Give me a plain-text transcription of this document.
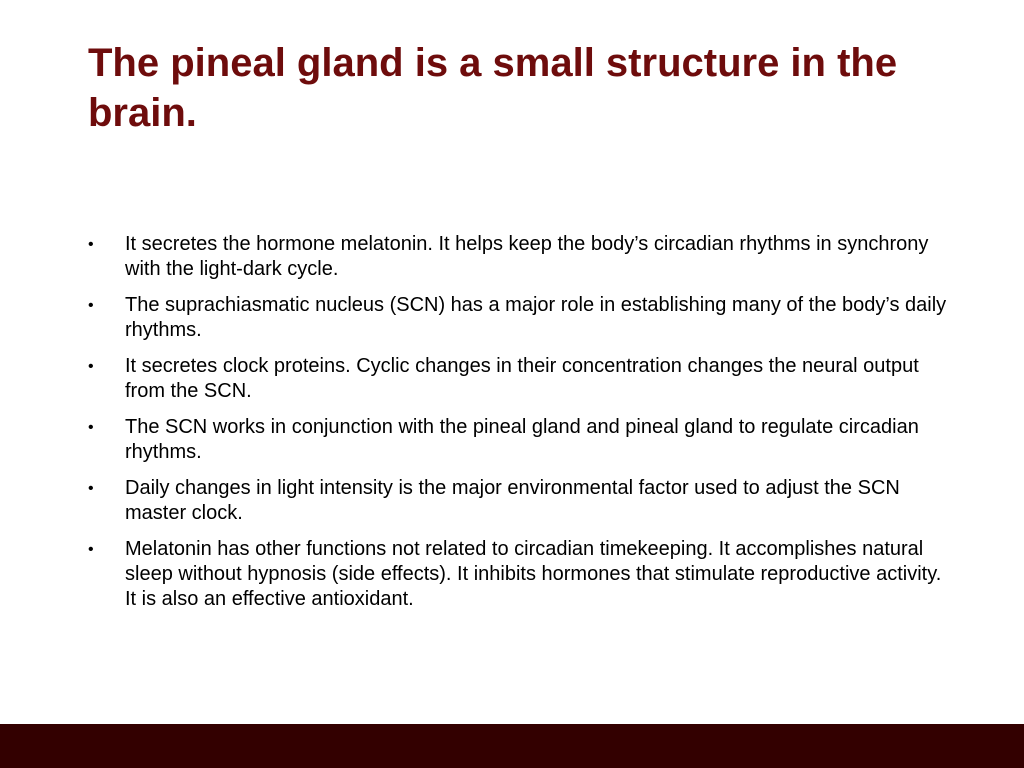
The pineal gland is a small structure in the brain.
• It secretes the hormone melatonin. It helps keep the body’s circadian rhythms in synchrony with the light-dark cycle.
• The suprachiasmatic nucleus (SCN) has a major role in establishing many of the body’s daily rhythms.
• It secretes clock proteins. Cyclic changes in their concentration changes the neural output from the SCN.
• The SCN works in conjunction with the pineal gland and pineal gland to regulate circadian rhythms.
• Daily changes in light intensity is the major environmental factor used to adjust the SCN master clock.
• Melatonin has other functions not related to circadian timekeeping. It accomplishes natural sleep without hypnosis (side effects). It inhibits hormones that stimulate reproductive activity. It is also an effective antioxidant.
